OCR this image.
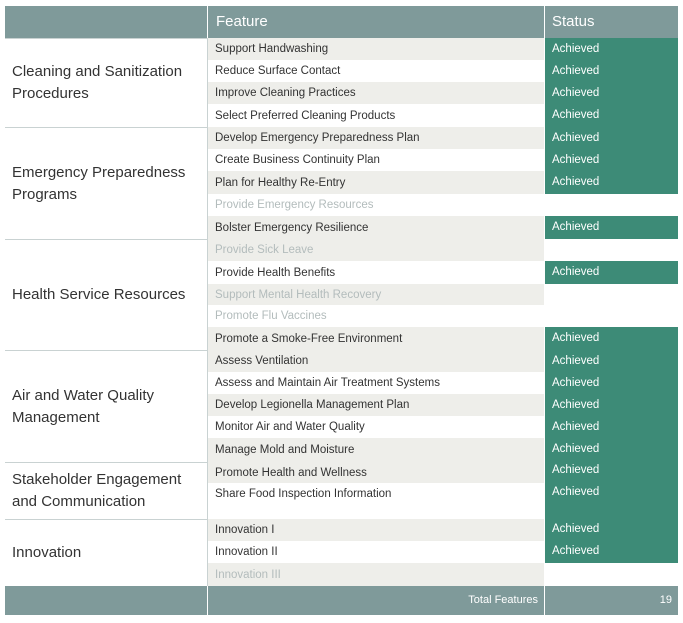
Feature	Status
Cleaning and Sanitization Procedures
Emergency Preparedness Programs
Health Service Resources
Air and Water Quality Management
Stakeholder Engagement and Communication
Innovation
Support Handwashing
Reduce Surface Contact
Improve Cleaning Practices
Select Preferred Cleaning Products
Develop Emergency Preparedness Plan
Create Business Continuity Plan
Plan for Healthy Re-Entry
Provide Emergency Resources
Bolster Emergency Resilience
Provide Sick Leave
Provide Health Benefits
Support Mental Health Recovery
Promote Flu Vaccines
Promote a Smoke-Free Environment
Assess Ventilation
Assess and Maintain Air Treatment Systems
Develop Legionella Management Plan
Monitor Air and Water Quality
Manage Mold and Moisture
Promote Health and Wellness
Share Food Inspection Information
Innovation I
Innovation II
Innovation III
Achieved
Achieved
Achieved
Achieved
Achieved
Achieved
Achieved
Achieved
Achieved
Achieved
Achieved
Achieved
Achieved
Achieved
Achieved
Achieved
Achieved
Achieved
Achieved
Total Features	19
